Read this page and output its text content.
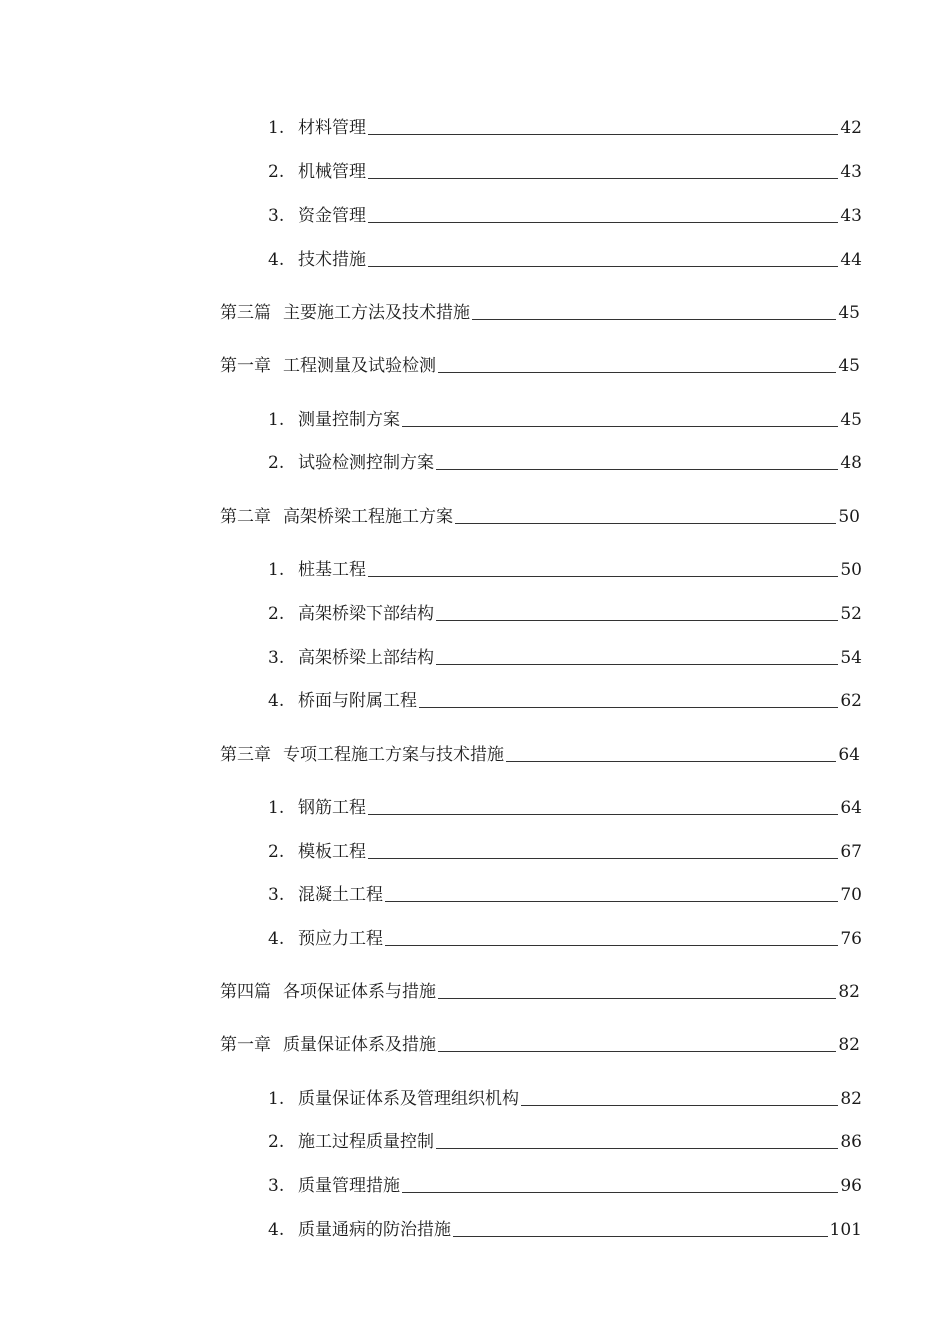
1. 材料管理	42
2. 机械管理	43
3. 资金管理	43
4. 技术措施	44
第三篇 主要施工方法及技术措施	45
第一章 工程测量及试验检测	45
1. 测量控制方案	45
2. 试验检测控制方案	48
第二章 高架桥梁工程施工方案	50
1. 桩基工程	50
2. 高架桥梁下部结构	52
3. 高架桥梁上部结构	54
4. 桥面与附属工程	62
第三章 专项工程施工方案与技术措施	64
1. 钢筋工程	64
2. 模板工程	67
3. 混凝土工程	70
4. 预应力工程	76
第四篇 各项保证体系与措施	82
第一章 质量保证体系及措施	82
1. 质量保证体系及管理组织机构	82
2. 施工过程质量控制	86
3. 质量管理措施	96
4. 质量通病的防治措施	101
